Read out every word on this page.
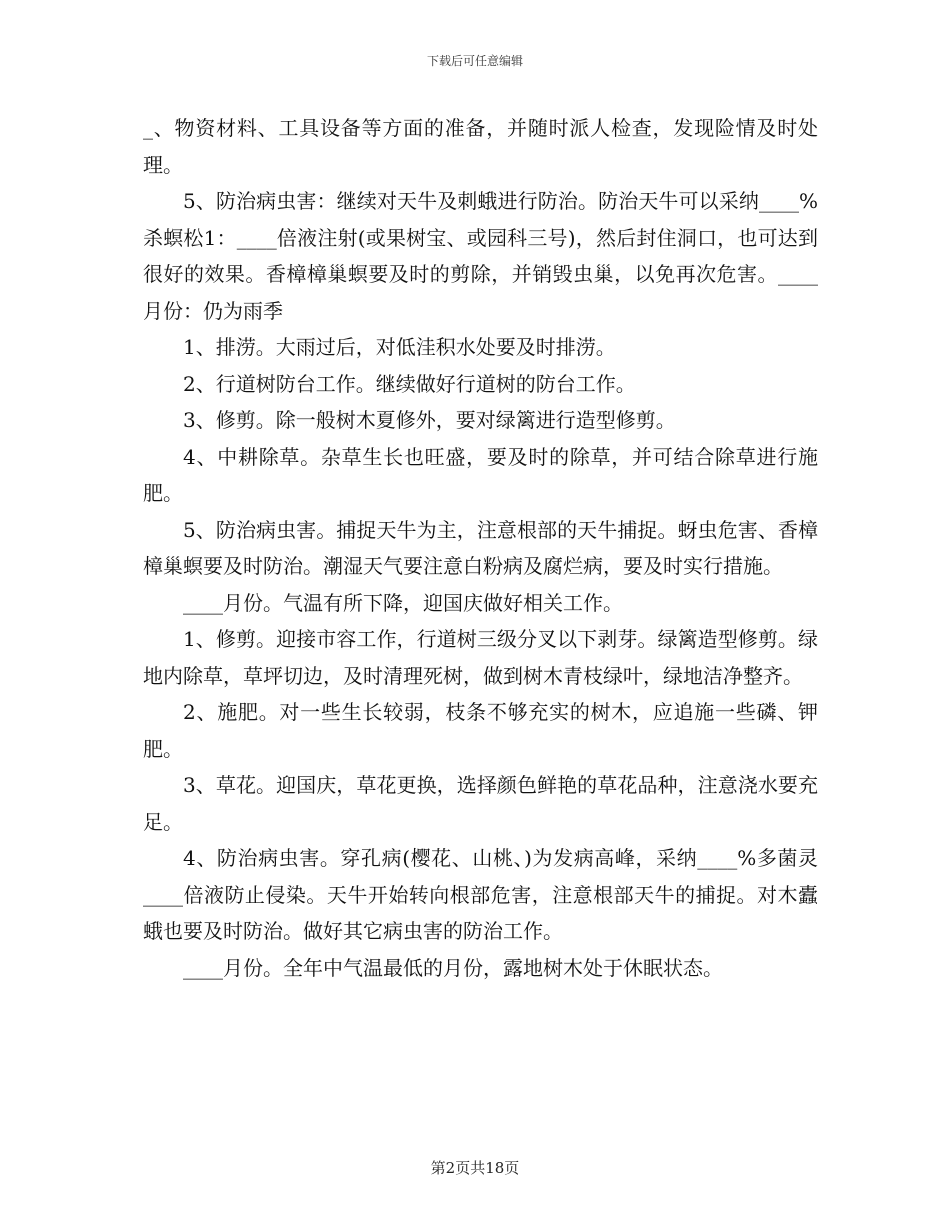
下载后可任意编辑

_、物资材料、工具设备等方面的准备，并随时派人检查，发现险情及时处理。

5、防治病虫害：继续对天牛及刺蛾进行防治。防治天牛可以采纳____%杀螟松1：____倍液注射(或果树宝、或园科三号)，然后封住洞口，也可达到很好的效果。香樟樟巢螟要及时的剪除，并销毁虫巢，以免再次危害。____月份：仍为雨季

1、排涝。大雨过后，对低洼积水处要及时排涝。

2、行道树防台工作。继续做好行道树的防台工作。

3、修剪。除一般树木夏修外，要对绿篱进行造型修剪。

4、中耕除草。杂草生长也旺盛，要及时的除草，并可结合除草进行施肥。

5、防治病虫害。捕捉天牛为主，注意根部的天牛捕捉。蚜虫危害、香樟樟巢螟要及时防治。潮湿天气要注意白粉病及腐烂病，要及时实行措施。

____月份。气温有所下降，迎国庆做好相关工作。

1、修剪。迎接市容工作，行道树三级分叉以下剥芽。绿篱造型修剪。绿地内除草，草坪切边，及时清理死树，做到树木青枝绿叶，绿地洁净整齐。

2、施肥。对一些生长较弱，枝条不够充实的树木，应追施一些磷、钾肥。

3、草花。迎国庆，草花更换，选择颜色鲜艳的草花品种，注意浇水要充足。

4、防治病虫害。穿孔病(樱花、山桃、)为发病高峰，采纳____%多菌灵____倍液防止侵染。天牛开始转向根部危害，注意根部天牛的捕捉。对木蠹蛾也要及时防治。做好其它病虫害的防治工作。

____月份。全年中气温最低的月份，露地树木处于休眠状态。

第2页共18页
